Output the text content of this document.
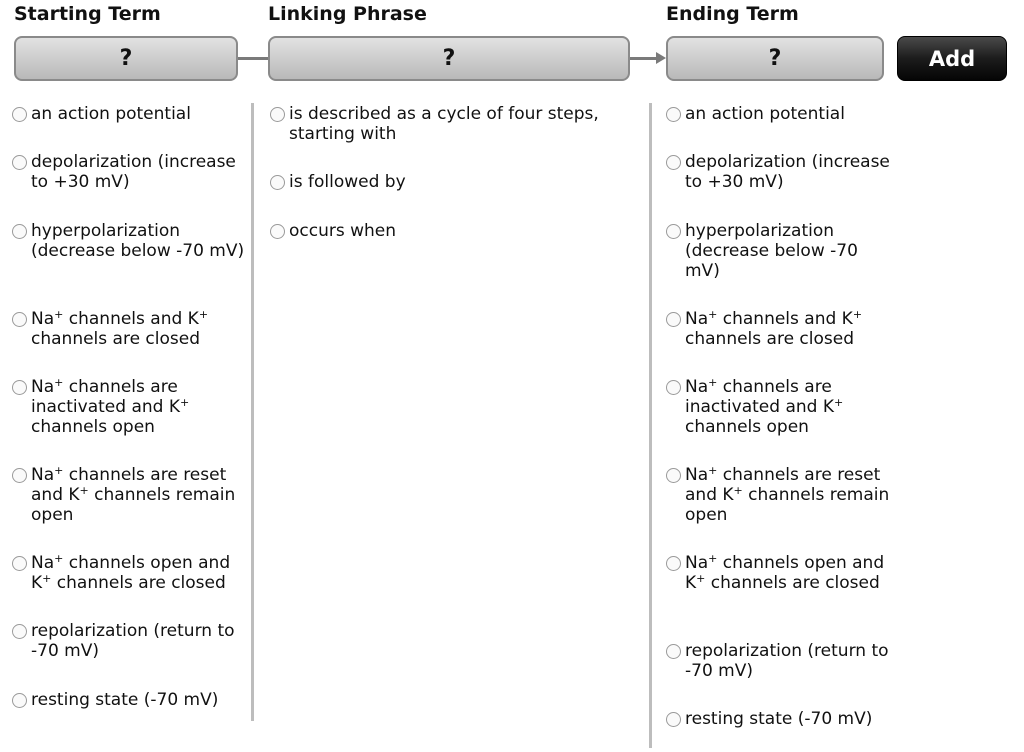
Starting Term	Linking Phrase	Ending Term
?	?	?	Add
an action potential
depolarization (increase to +30 mV)
hyperpolarization (decrease below -70 mV)
Na+ channels and K+ channels are closed
Na+ channels are inactivated and K+ channels open
Na+ channels are reset and K+ channels remain open
Na+ channels open and K+ channels are closed
repolarization (return to -70 mV)
resting state (-70 mV)
is described as a cycle of four steps, starting with
is followed by
occurs when
an action potential
depolarization (increase to +30 mV)
hyperpolarization (decrease below -70 mV)
Na+ channels and K+ channels are closed
Na+ channels are inactivated and K+ channels open
Na+ channels are reset and K+ channels remain open
Na+ channels open and K+ channels are closed
repolarization (return to -70 mV)
resting state (-70 mV)
